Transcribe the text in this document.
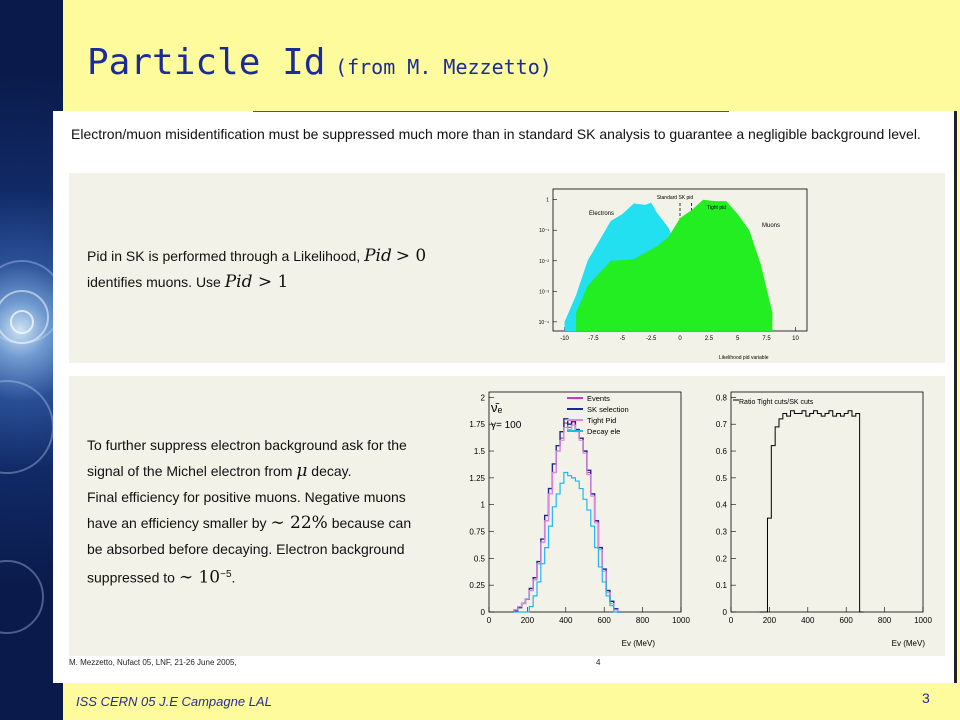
Particle Id (from M. Mezzetto)
Electron/muon misidentification must be suppressed much more than in standard SK analysis to guarantee a negligible background level.
Pid in SK is performed through a Likelihood, Pid > 0
identifies muons. Use Pid > 1
-10	-7.5	-5	-2.5	0	2.5	5	7.5	10
1
10⁻¹
10⁻²
10⁻³
10⁻⁴
Electrons
Muons
Standard SK pid
Tight pid
Likelihood pid variable
To further suppress electron background ask for the
signal of the Michel electron from μ decay.
Final efficiency for positive muons. Negative muons
have an efficiency smaller by ∼ 22% because can
be absorbed before decaying. Electron background
suppressed to ∼ $10^{-5}$.
0	200	400	600	800	1000
0
0.25
0.5
0.75
1
1.25
1.5
1.75
2
ν̄ₑ
γ= 100
Events
SK selection
Tight Pid
Decay ele
Ev (MeV)
0	200	400	600	800	1000
0
0.1
0.2
0.3
0.4
0.5
0.6
0.7
0.8
Ratio Tight cuts/SK cuts
Ev (MeV)
M. Mezzetto, Nufact 05, LNF, 21-26 June 2005,	4
ISS CERN 05 J.E Campagne LAL	3
